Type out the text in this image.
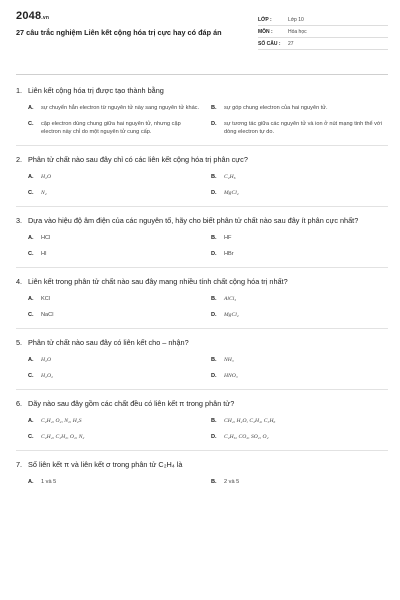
2048.vn
27 câu trắc nghiệm Liên kết cộng hóa trị cực hay có đáp án
LỚP :	Lớp 10
MÔN :	Hóa học
SỐ CÂU :	27
1. Liên kết cộng hóa trị được tạo thành bằng
A.	sự chuyển hẳn electron từ nguyên tử này sang nguyên tử khác.	B.	sự góp chung electron của hai nguyên tử.
C.	cặp electron dùng chung giữa hai nguyên tử, nhưng cặp electron này chỉ do một nguyên tử cung cấp.
D.	sự tương tác giữa các nguyên tử và ion ở nút mạng tinh thể với dòng electron tự do.
2. Phân tử chất nào sau đây chỉ có các liên kết cộng hóa trị phân cực?
A.	H₂O	B.	C₂H₆
C.	N₂	D.	MgCl₂
3. Dựa vào hiệu độ âm điện của các nguyên tố, hãy cho biết phân tử chất nào sau đây ít phân cực nhất?
A.	HCl	B.	HF
C.	HI	D.	HBr
4. Liên kết trong phân tử chất nào sau đây mang nhiều tính chất cộng hóa trị nhất?
A.	KCl	B.	AlCl₃
C.	NaCl	D.	MgCl₂
5. Phân tử chất nào sau đây có liên kết cho – nhận?
A.	H₂O	B.	NH₃
C.	H₂O₂	D.	HNO₃
6. Dãy nào sau đây gồm các chất đều có liên kết π trong phân tử?
A.	C₂H₄, O₂, N₂, H₂S	B.	CH₄, H₂O, C₂H₄, C₃H₆
C.	C₂H₄, C₂H₂, O₂, N₂	D.	C₂H₆, CO₂, SO₂, O₂
7. Số liên kết π và liên kết σ trong phân tử C₂H₄ là
A.	1 và 5	B.	2 và 5
